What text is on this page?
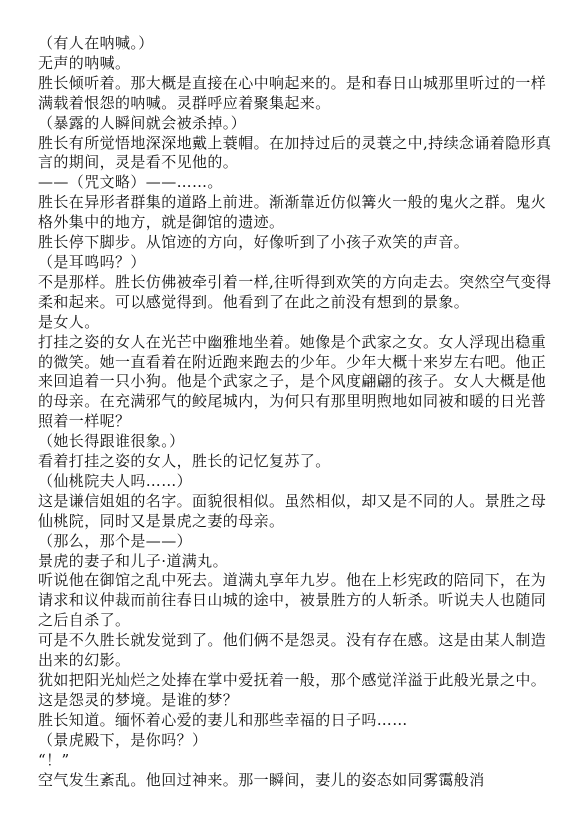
（有人在呐喊。）

无声的呐喊。

胜长倾听着。那大概是直接在心中响起来的。是和春日山城那里听过的一样满载着恨怨的呐喊。灵群呼应着聚集起来。

（暴露的人瞬间就会被杀掉。）

胜长有所觉悟地深深地戴上蓑帽。在加持过后的灵蓑之中,持续念诵着隐形真言的期间，灵是看不见他的。

——（咒文略）——……。

胜长在异形者群集的道路上前进。渐渐靠近仿似篝火一般的鬼火之群。鬼火格外集中的地方，就是御馆的遗迹。

胜长停下脚步。从馆迹的方向，好像听到了小孩子欢笑的声音。

（是耳鸣吗？）

不是那样。胜长仿佛被牵引着一样,往听得到欢笑的方向走去。突然空气变得柔和起来。可以感觉得到。他看到了在此之前没有想到的景象。

是女人。

打挂之姿的女人在光芒中幽雅地坐着。她像是个武家之女。女人浮现出稳重的微笑。她一直看着在附近跑来跑去的少年。少年大概十来岁左右吧。他正来回追着一只小狗。他是个武家之子，是个风度翩翩的孩子。女人大概是他的母亲。在充满邪气的鲛尾城内，为何只有那里明煦地如同被和暖的日光普照着一样呢？

（她长得跟谁很象。）

看着打挂之姿的女人，胜长的记忆复苏了。

（仙桃院夫人吗……）

这是谦信姐姐的名字。面貌很相似。虽然相似，却又是不同的人。景胜之母仙桃院，同时又是景虎之妻的母亲。

（那么，那个是——）

景虎的妻子和儿子·道满丸。

听说他在御馆之乱中死去。道满丸享年九岁。他在上杉宪政的陪同下，在为请求和议仲裁而前往春日山城的途中，被景胜方的人斩杀。听说夫人也随同之后自杀了。

可是不久胜长就发觉到了。他们俩不是怨灵。没有存在感。这是由某人制造出来的幻影。

犹如把阳光灿烂之处捧在掌中爱抚着一般，那个感觉洋溢于此般光景之中。这是怨灵的梦境。是谁的梦？

胜长知道。缅怀着心爱的妻儿和那些幸福的日子吗……

（景虎殿下，是你吗？）

“！”

空气发生紊乱。他回过神来。那一瞬间，妻儿的姿态如同雾霭般消
